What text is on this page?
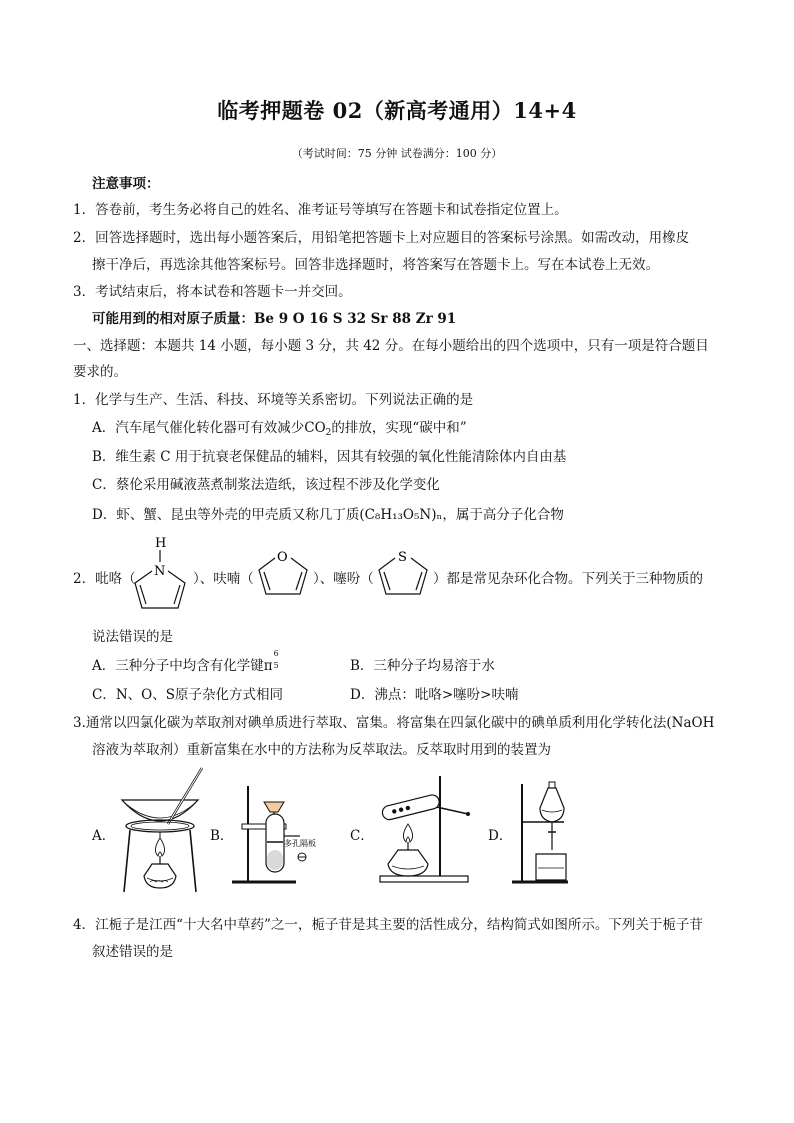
临考押题卷 02（新高考通用）14+4
（考试时间：75 分钟 试卷满分：100 分）
注意事项：
1．答卷前，考生务必将自己的姓名、准考证号等填写在答题卡和试卷指定位置上。
2．回答选择题时，选出每小题答案后，用铅笔把答题卡上对应题目的答案标号涂黑。如需改动，用橡皮
擦干净后，再选涂其他答案标号。回答非选择题时，将答案写在答题卡上。写在本试卷上无效。
3．考试结束后，将本试卷和答题卡一并交回。
可能用到的相对原子质量：Be 9 O 16 S 32 Sr 88 Zr 91
一、选择题：本题共 14 小题，每小题 3 分，共 42 分。在每小题给出的四个选项中，只有一项是符合题目
要求的。
1．化学与生产、生活、科技、环境等关系密切。下列说法正确的是
A．汽车尾气催化转化器可有效减少$CO_2$的排放，实现“碳中和”
B．维生素 C 用于抗衰老保健品的辅料，因其有较强的氧化性能清除体内自由基
C．蔡伦采用碱液蒸煮制浆法造纸，该过程不涉及化学变化
D．虾、蟹、昆虫等外壳的甲壳质又称几丁质(C₈H₁₃O₅N)ₙ，属于高分子化合物
2．吡咯（
H
N ）、呋喃（
O
）、噻吩（
S
）都是常见杂环化合物。下列关于三种物质的
说法错误的是
A．三种分子中均含有化学键π
6
5	B．三种分子均易溶于水
C．N、O、S原子杂化方式相同	D．沸点：吡咯>噻吩>呋喃
3.通常以四氯化碳为萃取剂对碘单质进行萃取、富集。将富集在四氯化碳中的碘单质利用化学转化法(NaOH
溶液为萃取剂）重新富集在水中的方法称为反萃取法。反萃取时用到的装置为
A．	B．	多孔隔板	C．	D．
4．江栀子是江西“十大名中草药”之一，栀子苷是其主要的活性成分，结构简式如图所示。下列关于栀子苷
叙述错误的是
